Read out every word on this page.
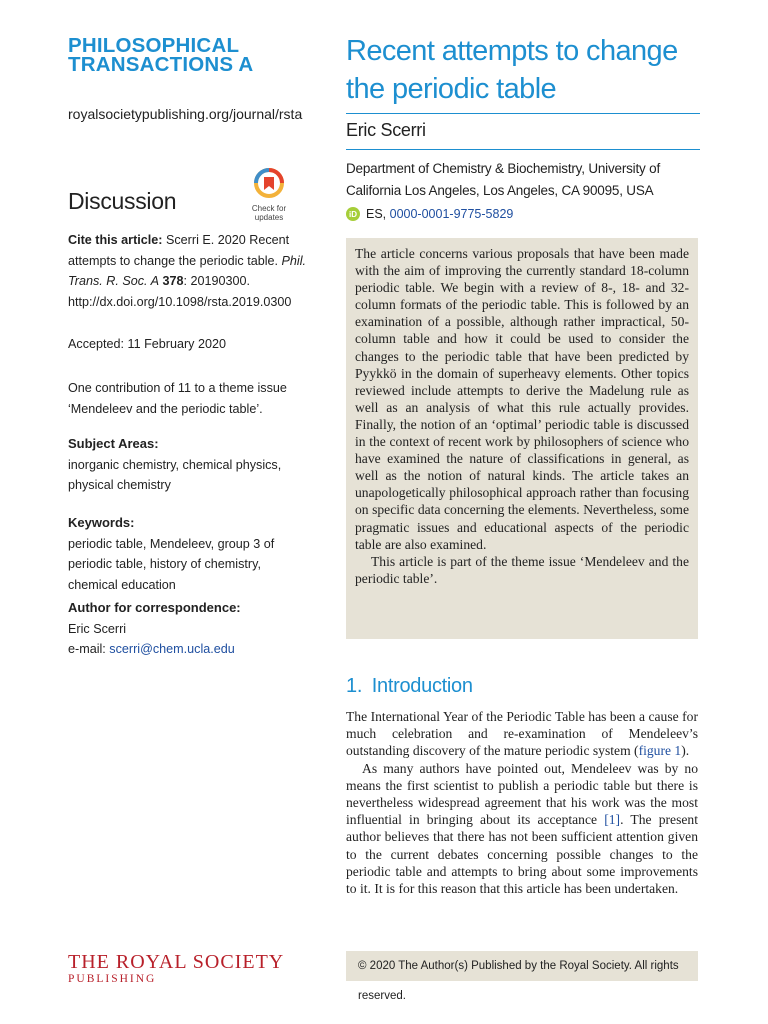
PHILOSOPHICAL
TRANSACTIONS A
royalsocietypublishing.org/journal/rsta
Discussion	Check for
updates
Cite this article: Scerri E. 2020 Recent attempts to change the periodic table. Phil. Trans. R. Soc. A 378: 20190300. http://dx.doi.org/10.1098/rsta.2019.0300
Accepted: 11 February 2020
One contribution of 11 to a theme issue ‘Mendeleev and the periodic table’.
Subject Areas:
inorganic chemistry, chemical physics, physical chemistry
Keywords:
periodic table, Mendeleev, group 3 of periodic table, history of chemistry, chemical education
Author for correspondence:
Eric Scerri
e-mail: scerri@chem.ucla.edu
THE ROYAL SOCIETY
PUBLISHING
Recent attempts to change the periodic table
Eric Scerri
Department of Chemistry & Biochemistry, University of California Los Angeles, Los Angeles, CA 90095, USA
iD ES, 0000-0001-9775-5829

The article concerns various proposals that have been made with the aim of improving the currently standard 18-column periodic table. We begin with a review of 8-, 18- and 32-column formats of the periodic table. This is followed by an examination of a possible, although rather impractical, 50-column table and how it could be used to consider the changes to the periodic table that have been predicted by Pyykkö in the domain of superheavy elements. Other topics reviewed include attempts to derive the Madelung rule as well as an analysis of what this rule actually provides. Finally, the notion of an ‘optimal’ periodic table is discussed in the context of recent work by philosophers of science who have examined the nature of classifications in general, as well as the notion of natural kinds. The article takes an unapologetically philosophical approach rather than focusing on specific data concerning the elements. Nevertheless, some pragmatic issues and educational aspects of the periodic table are also examined.

This article is part of the theme issue ‘Mendeleev and the periodic table’.

1. Introduction

The International Year of the Periodic Table has been a cause for much celebration and re-examination of Mendeleev’s outstanding discovery of the mature periodic system (figure 1).

As many authors have pointed out, Mendeleev was by no means the first scientist to publish a periodic table but there is nevertheless widespread agreement that his work was the most influential in bringing about its acceptance [1]. The present author believes that there has not been sufficient attention given to the current debates concerning possible changes to the periodic table and attempts to bring about some improvements to it. It is for this reason that this article has been undertaken.

© 2020 The Author(s) Published by the Royal Society. All rights reserved.
